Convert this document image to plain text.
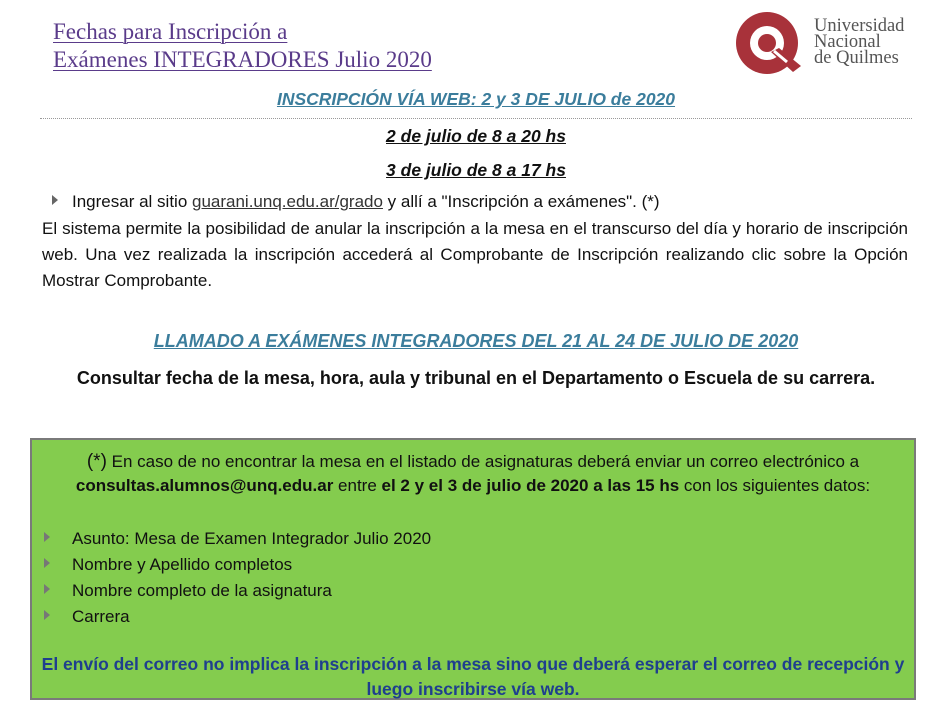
Fechas para Inscripción a
Exámenes INTEGRADORES Julio 2020
Universidad
Nacional
de Quilmes
INSCRIPCIÓN VÍA WEB: 2 y 3 DE JULIO de 2020
2 de julio de 8 a 20 hs
3 de julio de 8 a 17 hs
Ingresar al sitio guarani.unq.edu.ar/grado y allí a "Inscripción a exámenes". (*)
El sistema permite la posibilidad de anular la inscripción a la mesa en el transcurso del día y horario de inscripción web. Una vez realizada la inscripción accederá al Comprobante de Inscripción realizando clic sobre la Opción Mostrar Comprobante.
LLAMADO A EXÁMENES INTEGRADORES DEL 21 AL 24 DE JULIO DE 2020
Consultar fecha de la mesa, hora, aula y tribunal en el Departamento o Escuela de su carrera.
(*) En caso de no encontrar la mesa en el listado de asignaturas deberá enviar un correo electrónico a consultas.alumnos@unq.edu.ar entre el 2 y el 3 de julio de 2020 a las 15 hs con los siguientes datos:
Asunto: Mesa de Examen Integrador Julio 2020
Nombre y Apellido completos
Nombre completo de la asignatura
Carrera
El envío del correo no implica la inscripción a la mesa sino que deberá esperar el correo de recepción y luego inscribirse vía web.
